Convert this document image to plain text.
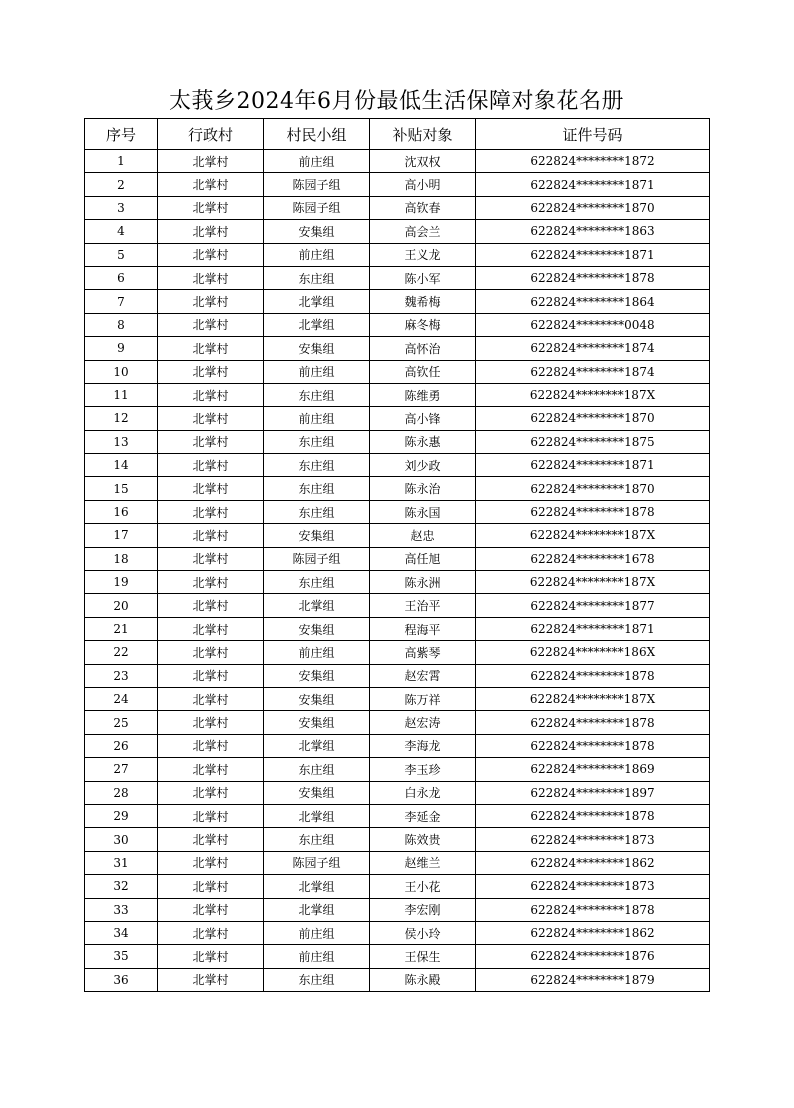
太莪乡2024年6月份最低生活保障对象花名册
序号	行政村	村民小组	补贴对象	证件号码
1	北掌村	前庄组	沈双权	622824********1872
2	北掌村	陈园子组	高小明	622824********1871
3	北掌村	陈园子组	高钦春	622824********1870
4	北掌村	安集组	高会兰	622824********1863
5	北掌村	前庄组	王义龙	622824********1871
6	北掌村	东庄组	陈小军	622824********1878
7	北掌村	北掌组	魏希梅	622824********1864
8	北掌村	北掌组	麻冬梅	622824********0048
9	北掌村	安集组	高怀治	622824********1874
10	北掌村	前庄组	高钦任	622824********1874
11	北掌村	东庄组	陈维勇	622824********187X
12	北掌村	前庄组	高小锋	622824********1870
13	北掌村	东庄组	陈永惠	622824********1875
14	北掌村	东庄组	刘少政	622824********1871
15	北掌村	东庄组	陈永治	622824********1870
16	北掌村	东庄组	陈永国	622824********1878
17	北掌村	安集组	赵忠	622824********187X
18	北掌村	陈园子组	高任旭	622824********1678
19	北掌村	东庄组	陈永洲	622824********187X
20	北掌村	北掌组	王治平	622824********1877
21	北掌村	安集组	程海平	622824********1871
22	北掌村	前庄组	高紫琴	622824********186X
23	北掌村	安集组	赵宏霄	622824********1878
24	北掌村	安集组	陈万祥	622824********187X
25	北掌村	安集组	赵宏涛	622824********1878
26	北掌村	北掌组	李海龙	622824********1878
27	北掌村	东庄组	李玉珍	622824********1869
28	北掌村	安集组	白永龙	622824********1897
29	北掌村	北掌组	李延金	622824********1878
30	北掌村	东庄组	陈效贵	622824********1873
31	北掌村	陈园子组	赵维兰	622824********1862
32	北掌村	北掌组	王小花	622824********1873
33	北掌村	北掌组	李宏刚	622824********1878
34	北掌村	前庄组	侯小玲	622824********1862
35	北掌村	前庄组	王保生	622824********1876
36	北掌村	东庄组	陈永殿	622824********1879
